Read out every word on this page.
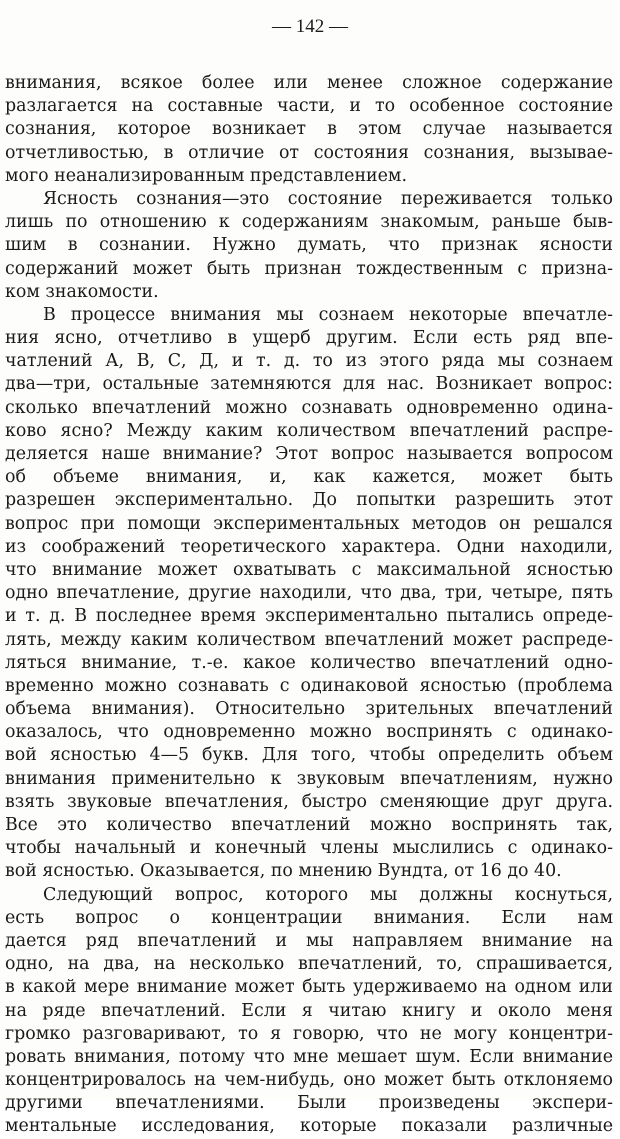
— 142 —
внимания, всякое более или менее сложное содержание
разлагается на составные части, и то особенное состояние
сознания, которое возникает в этом случае называется
отчетливостью, в отличие от состояния сознания, вызывае-
мого неанализированным представлением.
Ясность сознания—это состояние переживается только
лишь по отношению к содержаниям знакомым, раньше быв-
шим в сознании. Нужно думать, что признак ясности
содержаний может быть признан тождественным с призна-
ком знакомости.
В процессе внимания мы сознаем некоторые впечатле-
ния ясно, отчетливо в ущерб другим. Если есть ряд впе-
чатлений А, В, С, Д, и т. д. то из этого ряда мы сознаем
два—три, остальные затемняются для нас. Возникает вопрос:
сколько впечатлений можно сознавать одновременно одина-
ково ясно? Между каким количеством впечатлений распре-
деляется наше внимание? Этот вопрос называется вопросом
об объеме внимания, и, как кажется, может быть
разрешен экспериментально. До попытки разрешить этот
вопрос при помощи экспериментальных методов он решался
из соображений теоретического характера. Одни находили,
что внимание может охватывать с максимальной ясностью
одно впечатление, другие находили, что два, три, четыре, пять
и т. д. В последнее время экспериментально пытались опреде-
лять, между каким количеством впечатлений может распреде-
ляться внимание, т.-е. какое количество впечатлений одно-
временно можно сознавать с одинаковой ясностью (проблема
объема внимания). Относительно зрительных впечатлений
оказалось, что одновременно можно воспринять с одинако-
вой ясностью 4—5 букв. Для того, чтобы определить объем
внимания применительно к звуковым впечатлениям, нужно
взять звуковые впечатления, быстро сменяющие друг друга.
Все это количество впечатлений можно воспринять так,
чтобы начальный и конечный члены мыслились с одинако-
вой ясностью. Оказывается, по мнению Вундта, от 16 до 40.
Следующий вопрос, которого мы должны коснуться,
есть вопрос о концентрации внимания. Если нам
дается ряд впечатлений и мы направляем внимание на
одно, на два, на несколько впечатлений, то, спрашивается,
в какой мере внимание может быть удерживаемо на одном или
на ряде впечатлений. Если я читаю книгу и около меня
громко разговаривают, то я говорю, что не могу концентри-
ровать внимания, потому что мне мешает шум. Если внимание
концентрировалось на чем-нибудь, оно может быть отклоняемо
другими впечатлениями. Были произведены экспери-
ментальные исследования, которые показали различные
